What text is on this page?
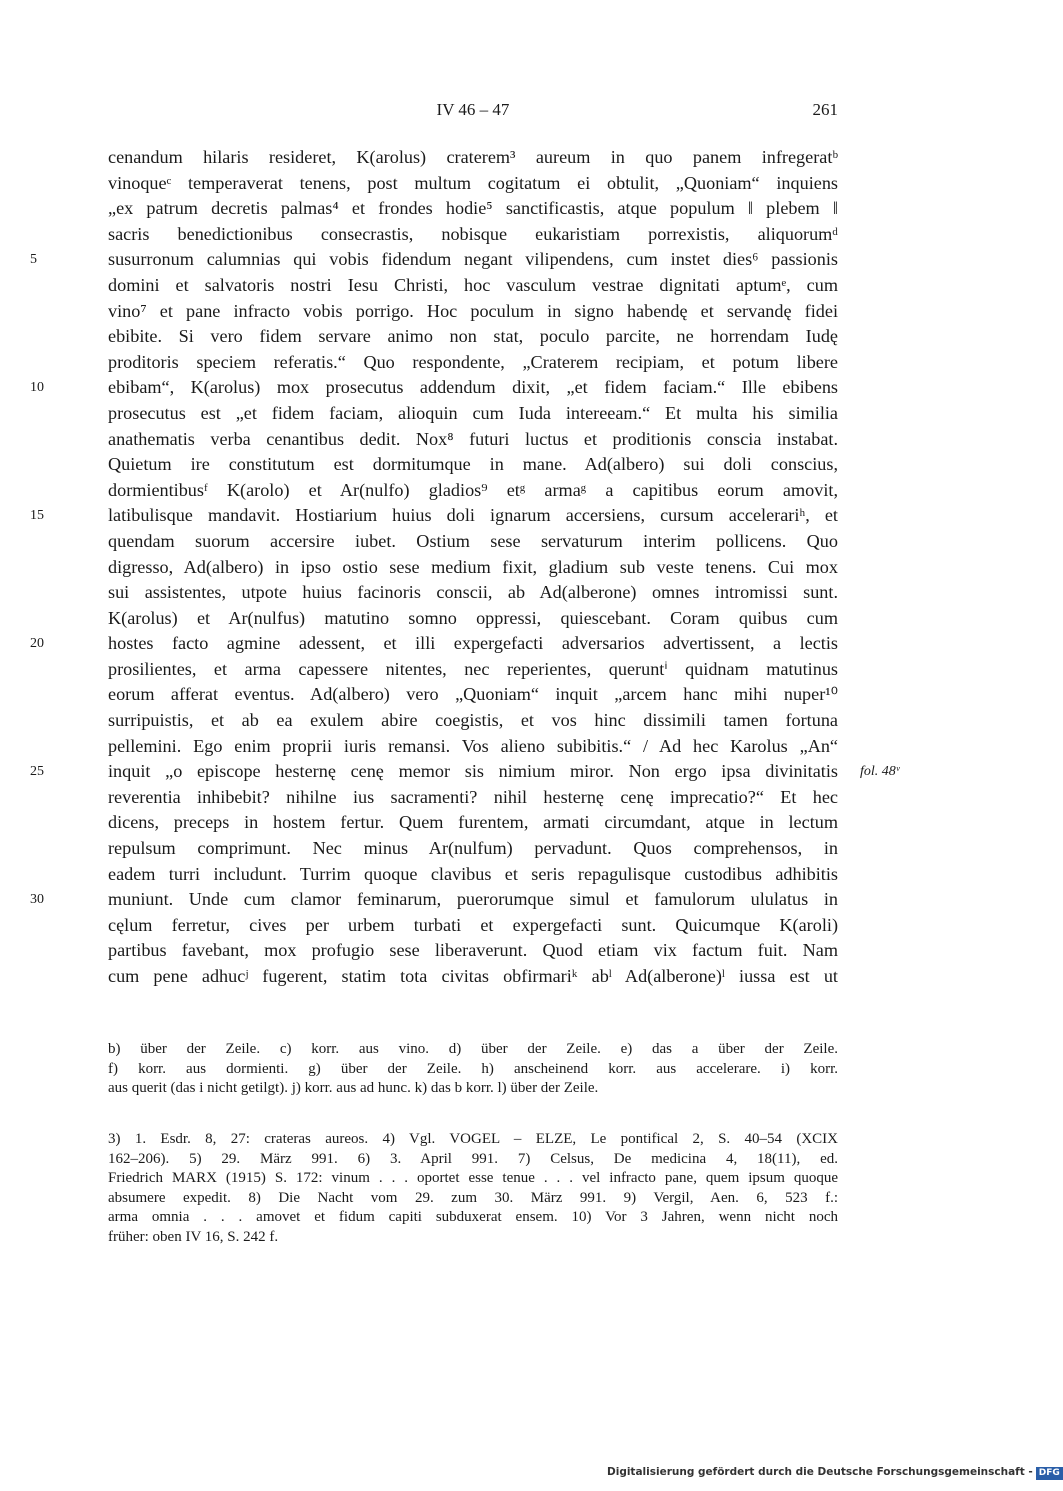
IV 46 – 47	261
cenandum hilaris resideret, K(arolus) craterem³ aureum in quo panem infregeratᵇ
vinoqueᶜ temperaverat tenens, post multum cogitatum ei obtulit, „Quoniam“ inquiens
„ex patrum decretis palmas⁴ et frondes hodie⁵ sanctificastis, atque populum ‖ plebem ‖
sacris benedictionibus consecrastis, nobisque eukaristiam porrexistis, aliquorumᵈ
5	susurronum calumnias qui vobis fidendum negant vilipendens, cum instet dies⁶ passionis
domini et salvatoris nostri Iesu Christi, hoc vasculum vestrae dignitati aptumᵉ, cum
vino⁷ et pane infracto vobis porrigo. Hoc poculum in signo habendę et servandę fidei
ebibite. Si vero fidem servare animo non stat, poculo parcite, ne horrendam Iudę
proditoris speciem referatis.“ Quo respondente, „Craterem recipiam, et potum libere
10	ebibam“, K(arolus) mox prosecutus addendum dixit, „et fidem faciam.“ Ille ebibens
prosecutus est „et fidem faciam, alioquin cum Iuda intereeam.“ Et multa his similia
anathematis verba cenantibus dedit. Nox⁸ futuri luctus et proditionis conscia instabat.
Quietum ire constitutum est dormitumque in mane. Ad(albero) sui doli conscius,
dormientibusᶠ K(arolo) et Ar(nulfo) gladios⁹ etᵍ armaᵍ a capitibus eorum amovit,
15	latibulisque mandavit. Hostiarium huius doli ignarum accersiens, cursum accelerariʰ, et
quendam suorum accersire iubet. Ostium sese servaturum interim pollicens. Quo
digresso, Ad(albero) in ipso ostio sese medium fixit, gladium sub veste tenens. Cui mox
sui assistentes, utpote huius facinoris conscii, ab Ad(alberone) omnes intromissi sunt.
K(arolus) et Ar(nulfus) matutino somno oppressi, quiescebant. Coram quibus cum
20	hostes facto agmine adessent, et illi expergefacti adversarios advertissent, a lectis
prosilientes, et arma capessere nitentes, nec reperientes, queruntⁱ quidnam matutinus
eorum afferat eventus. Ad(albero) vero „Quoniam“ inquit „arcem hanc mihi nuper¹⁰
surripuistis, et ab ea exulem abire coegistis, et vos hinc dissimili tamen fortuna
pellemini. Ego enim proprii iuris remansi. Vos alieno subibitis.“ / Ad hec Karolus „An“
fol. 48ᵛ
25	inquit „o episcope hesternę cenę memor sis nimium miror. Non ergo ipsa divinitatis
reverentia inhibebit? nihilne ius sacramenti? nihil hesternę cenę imprecatio?“ Et hec
dicens, preceps in hostem fertur. Quem furentem, armati circumdant, atque in lectum
repulsum comprimunt. Nec minus Ar(nulfum) pervadunt. Quos comprehensos, in
eadem turri includunt. Turrim quoque clavibus et seris repagulisque custodibus adhibitis
30	muniunt. Unde cum clamor feminarum, puerorumque simul et famulorum ululatus in
cęlum ferretur, cives per urbem turbati et expergefacti sunt. Quicumque K(aroli)
partibus favebant, mox profugio sese liberaverunt. Quod etiam vix factum fuit. Nam
cum pene adhucʲ fugerent, statim tota civitas obfirmariᵏ abˡ Ad(alberone)ˡ iussa est ut
b) über der Zeile. c) korr. aus vino. d) über der Zeile. e) das a über der Zeile.
f) korr. aus dormienti. g) über der Zeile. h) anscheinend korr. aus accelerare. i) korr.
aus querit (das i nicht getilgt). j) korr. aus ad hunc. k) das b korr. l) über der Zeile.
3) 1. Esdr. 8, 27: crateras aureos. 4) Vgl. VOGEL – ELZE, Le pontifical 2, S. 40–54 (XCIX
162–206). 5) 29. März 991. 6) 3. April 991. 7) Celsus, De medicina 4, 18(11), ed.
Friedrich MARX (1915) S. 172: vinum . . . oportet esse tenue . . . vel infracto pane, quem ipsum quoque
absumere expedit. 8) Die Nacht vom 29. zum 30. März 991. 9) Vergil, Aen. 6, 523 f.:
arma omnia . . . amovet et fidum capiti subduxerat ensem. 10) Vor 3 Jahren, wenn nicht noch
früher: oben IV 16, S. 242 f.
Digitalisierung gefördert durch die Deutsche Forschungsgemeinschaft - DFG
